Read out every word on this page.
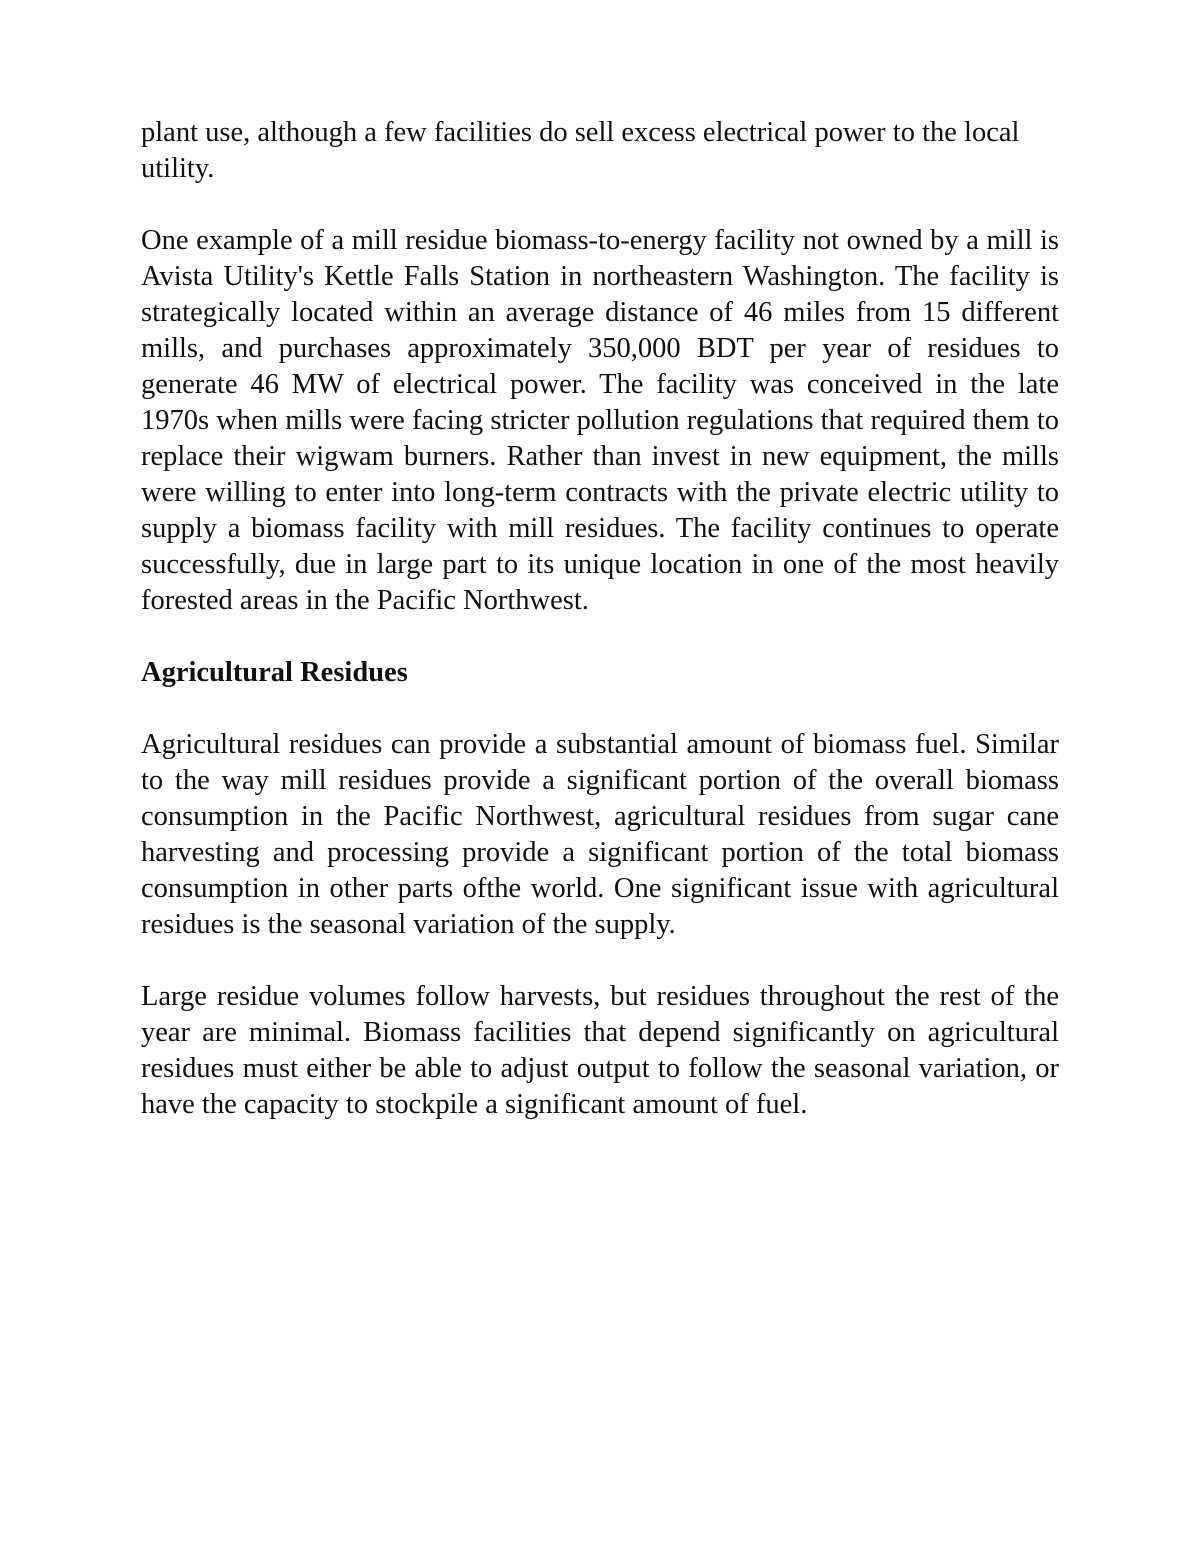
plant use, although a few facilities do sell excess electrical power to the local utility.

One example of a mill residue biomass-to-energy facility not owned by a mill is Avista Utility's Kettle Falls Station in northeastern Washington. The facility is strategically located within an average distance of 46 miles from 15 different mills, and purchases approximately 350,000 BDT per year of residues to generate 46 MW of electrical power. The facility was conceived in the late 1970s when mills were facing stricter pollution regulations that required them to replace their wigwam burners. Rather than invest in new equipment, the mills were willing to enter into long-term contracts with the private electric utility to supply a biomass facility with mill residues. The facility continues to operate successfully, due in large part to its unique location in one of the most heavily forested areas in the Pacific Northwest.

Agricultural Residues

Agricultural residues can provide a substantial amount of biomass fuel. Similar to the way mill residues provide a significant portion of the overall biomass consumption in the Pacific Northwest, agricultural residues from sugar cane harvesting and processing provide a significant portion of the total biomass consumption in other parts ofthe world. One significant issue with agricultural residues is the seasonal variation of the supply.

Large residue volumes follow harvests, but residues throughout the rest of the year are minimal. Biomass facilities that depend significantly on agricultural residues must either be able to adjust output to follow the seasonal variation, or have the capacity to stockpile a significant amount of fuel.
